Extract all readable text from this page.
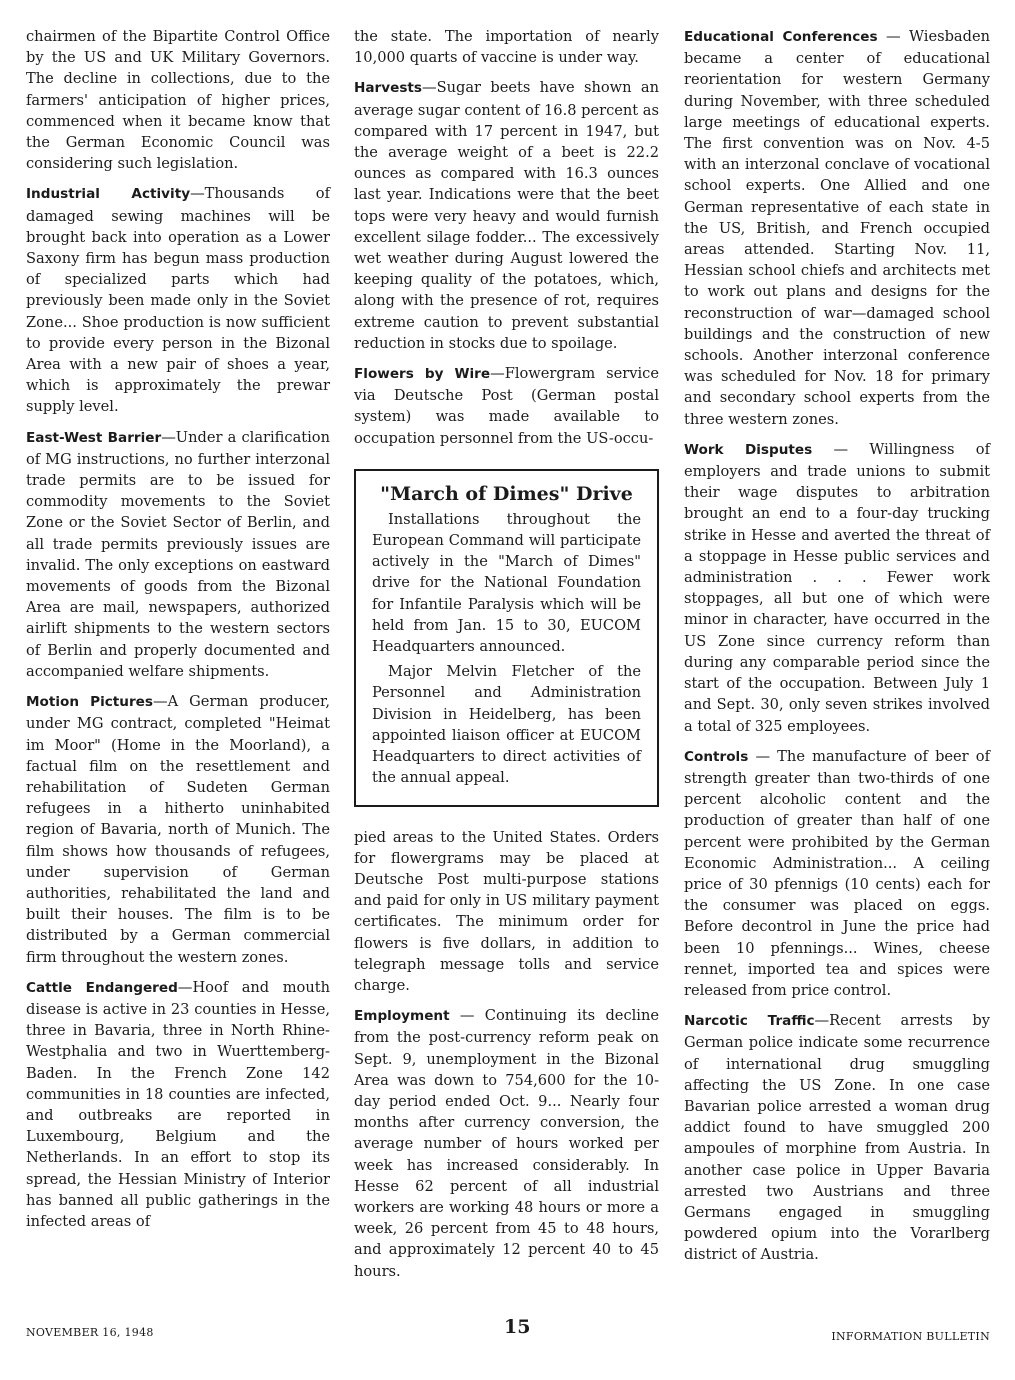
chairmen of the Bipartite Control Office by the US and UK Military Governors. The decline in collections, due to the farmers' anticipation of higher prices, commenced when it became know that the German Economic Council was considering such legislation.

Industrial Activity—Thousands of damaged sewing machines will be brought back into operation as a Lower Saxony firm has begun mass production of specialized parts which had previously been made only in the Soviet Zone... Shoe production is now sufficient to provide every person in the Bizonal Area with a new pair of shoes a year, which is approximately the prewar supply level.

East-West Barrier—Under a clarification of MG instructions, no further interzonal trade permits are to be issued for commodity movements to the Soviet Zone or the Soviet Sector of Berlin, and all trade permits previously issues are invalid. The only exceptions on eastward movements of goods from the Bizonal Area are mail, newspapers, authorized airlift shipments to the western sectors of Berlin and properly documented and accompanied welfare shipments.

Motion Pictures—A German producer, under MG contract, completed "Heimat im Moor" (Home in the Moorland), a factual film on the resettlement and rehabilitation of Sudeten German refugees in a hitherto uninhabited region of Bavaria, north of Munich. The film shows how thousands of refugees, under supervision of German authorities, rehabilitated the land and built their houses. The film is to be distributed by a German commercial firm throughout the western zones.

Cattle Endangered—Hoof and mouth disease is active in 23 counties in Hesse, three in Bavaria, three in North Rhine-Westphalia and two in Wuerttemberg-Baden. In the French Zone 142 communities in 18 counties are infected, and outbreaks are reported in Luxembourg, Belgium and the Netherlands. In an effort to stop its spread, the Hessian Ministry of Interior has banned all public gatherings in the infected areas of

the state. The importation of nearly 10,000 quarts of vaccine is under way.

Harvests—Sugar beets have shown an average sugar content of 16.8 percent as compared with 17 percent in 1947, but the average weight of a beet is 22.2 ounces as compared with 16.3 ounces last year. Indications were that the beet tops were very heavy and would furnish excellent silage fodder... The excessively wet weather during August lowered the keeping quality of the potatoes, which, along with the presence of rot, requires extreme caution to prevent substantial reduction in stocks due to spoilage.

Flowers by Wire—Flowergram service via Deutsche Post (German postal system) was made available to occupation personnel from the US-occu-

"March of Dimes" Drive

Installations throughout the European Command will participate actively in the "March of Dimes" drive for the National Foundation for Infantile Paralysis which will be held from Jan. 15 to 30, EUCOM Headquarters announced.

Major Melvin Fletcher of the Personnel and Administration Division in Heidelberg, has been appointed liaison officer at EUCOM Headquarters to direct activities of the annual appeal.

pied areas to the United States. Orders for flowergrams may be placed at Deutsche Post multi-purpose stations and paid for only in US military payment certificates. The minimum order for flowers is five dollars, in addition to telegraph message tolls and service charge.

Employment — Continuing its decline from the post-currency reform peak on Sept. 9, unemployment in the Bizonal Area was down to 754,600 for the 10-day period ended Oct. 9... Nearly four months after currency conversion, the average number of hours worked per week has increased considerably. In Hesse 62 percent of all industrial workers are working 48 hours or more a week, 26 percent from 45 to 48 hours, and approximately 12 percent 40 to 45 hours.

Educational Conferences — Wiesbaden became a center of educational reorientation for western Germany during November, with three scheduled large meetings of educational experts. The first convention was on Nov. 4-5 with an interzonal conclave of vocational school experts. One Allied and one German representative of each state in the US, British, and French occupied areas attended. Starting Nov. 11, Hessian school chiefs and architects met to work out plans and designs for the reconstruction of war—damaged school buildings and the construction of new schools. Another interzonal conference was scheduled for Nov. 18 for primary and secondary school experts from the three western zones.

Work Disputes — Willingness of employers and trade unions to submit their wage disputes to arbitration brought an end to a four-day trucking strike in Hesse and averted the threat of a stoppage in Hesse public services and administration . . . Fewer work stoppages, all but one of which were minor in character, have occurred in the US Zone since currency reform than during any comparable period since the start of the occupation. Between July 1 and Sept. 30, only seven strikes involved a total of 325 employees.

Controls — The manufacture of beer of strength greater than two-thirds of one percent alcoholic content and the production of greater than half of one percent were prohibited by the German Economic Administration... A ceiling price of 30 pfennigs (10 cents) each for the consumer was placed on eggs. Before decontrol in June the price had been 10 pfennings... Wines, cheese rennet, imported tea and spices were released from price control.

Narcotic Traffic—Recent arrests by German police indicate some recurrence of international drug smuggling affecting the US Zone. In one case Bavarian police arrested a woman drug addict found to have smuggled 200 ampoules of morphine from Austria. In another case police in Upper Bavaria arrested two Austrians and three Germans engaged in smuggling powdered opium into the Vorarlberg district of Austria.

NOVEMBER 16, 1948	15	INFORMATION BULLETIN
